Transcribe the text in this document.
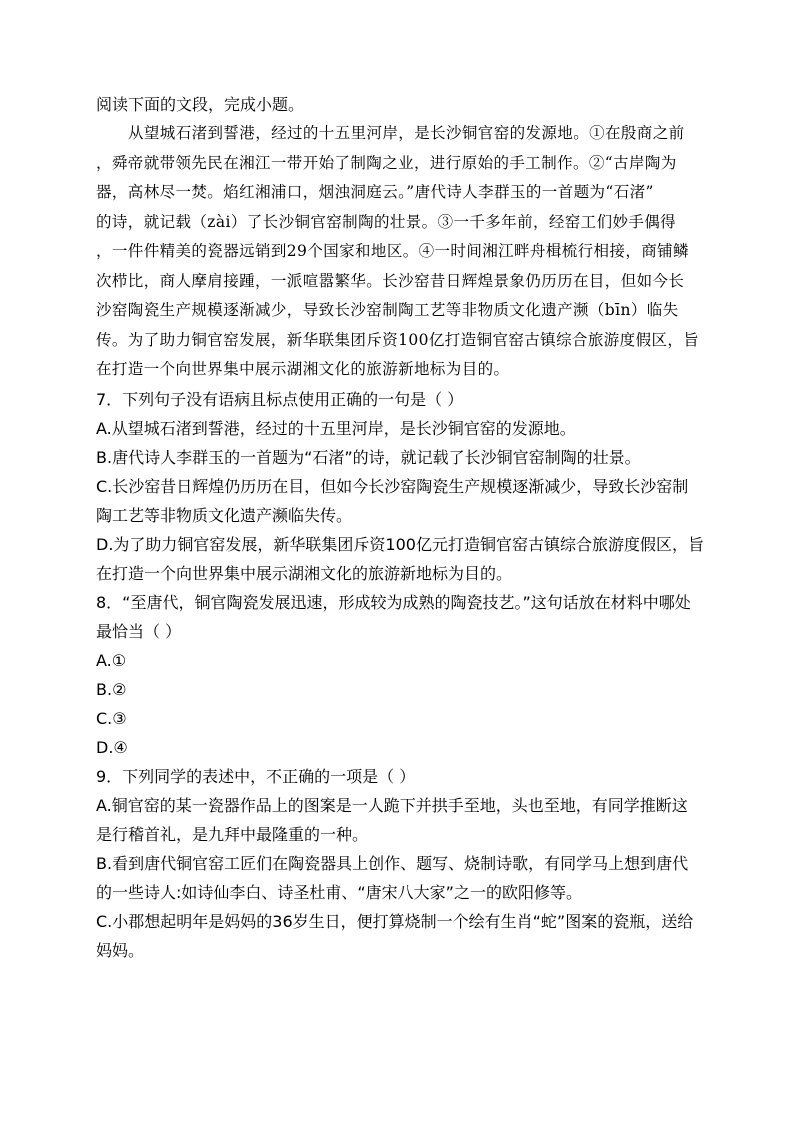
阅读下面的文段，完成小题。
从望城石渚到誓港，经过的十五里河岸，是长沙铜官窑的发源地。①在殷商之前
，舜帝就带领先民在湘江一带开始了制陶之业，进行原始的手工制作。②“古岸陶为
器，高林尽一焚。焰红湘浦口，烟浊洞庭云。”唐代诗人李群玉的一首题为“石渚”
的诗，就记载（zài）了长沙铜官窑制陶的壮景。③一千多年前，经窑工们妙手偶得
，一件件精美的瓷器远销到29个国家和地区。④一时间湘江畔舟楫梳行相接，商铺鳞
次栉比，商人摩肩接踵，一派喧嚣繁华。长沙窑昔日辉煌景象仍历历在目，但如今长
沙窑陶瓷生产规模逐渐减少，导致长沙窑制陶工艺等非物质文化遗产濒（bīn）临失
传。为了助力铜官窑发展，新华联集团斥资100亿打造铜官窑古镇综合旅游度假区，旨
在打造一个向世界集中展示湖湘文化的旅游新地标为目的。
7．下列句子没有语病且标点使用正确的一句是（ ）
A.从望城石渚到誓港，经过的十五里河岸，是长沙铜官窑的发源地。
B.唐代诗人李群玉的一首题为“石渚”的诗，就记载了长沙铜官窑制陶的壮景。
C.长沙窑昔日辉煌仍历历在目，但如今长沙窑陶瓷生产规模逐渐减少，导致长沙窑制
陶工艺等非物质文化遗产濒临失传。
D.为了助力铜官窑发展，新华联集团斥资100亿元打造铜官窑古镇综合旅游度假区，旨
在打造一个向世界集中展示湖湘文化的旅游新地标为目的。
8．“至唐代，铜官陶瓷发展迅速，形成较为成熟的陶瓷技艺。”这句话放在材料中哪处
最恰当（ ）
A.①
B.②
C.③
D.④
9．下列同学的表述中，不正确的一项是（ ）
A.铜官窑的某一瓷器作品上的图案是一人跪下并拱手至地，头也至地，有同学推断这
是行稽首礼，是九拜中最隆重的一种。
B.看到唐代铜官窑工匠们在陶瓷器具上创作、题写、烧制诗歌，有同学马上想到唐代
的一些诗人:如诗仙李白、诗圣杜甫、“唐宋八大家”之一的欧阳修等。
C.小郡想起明年是妈妈的36岁生日，便打算烧制一个绘有生肖“蛇”图案的瓷瓶，送给
妈妈。
